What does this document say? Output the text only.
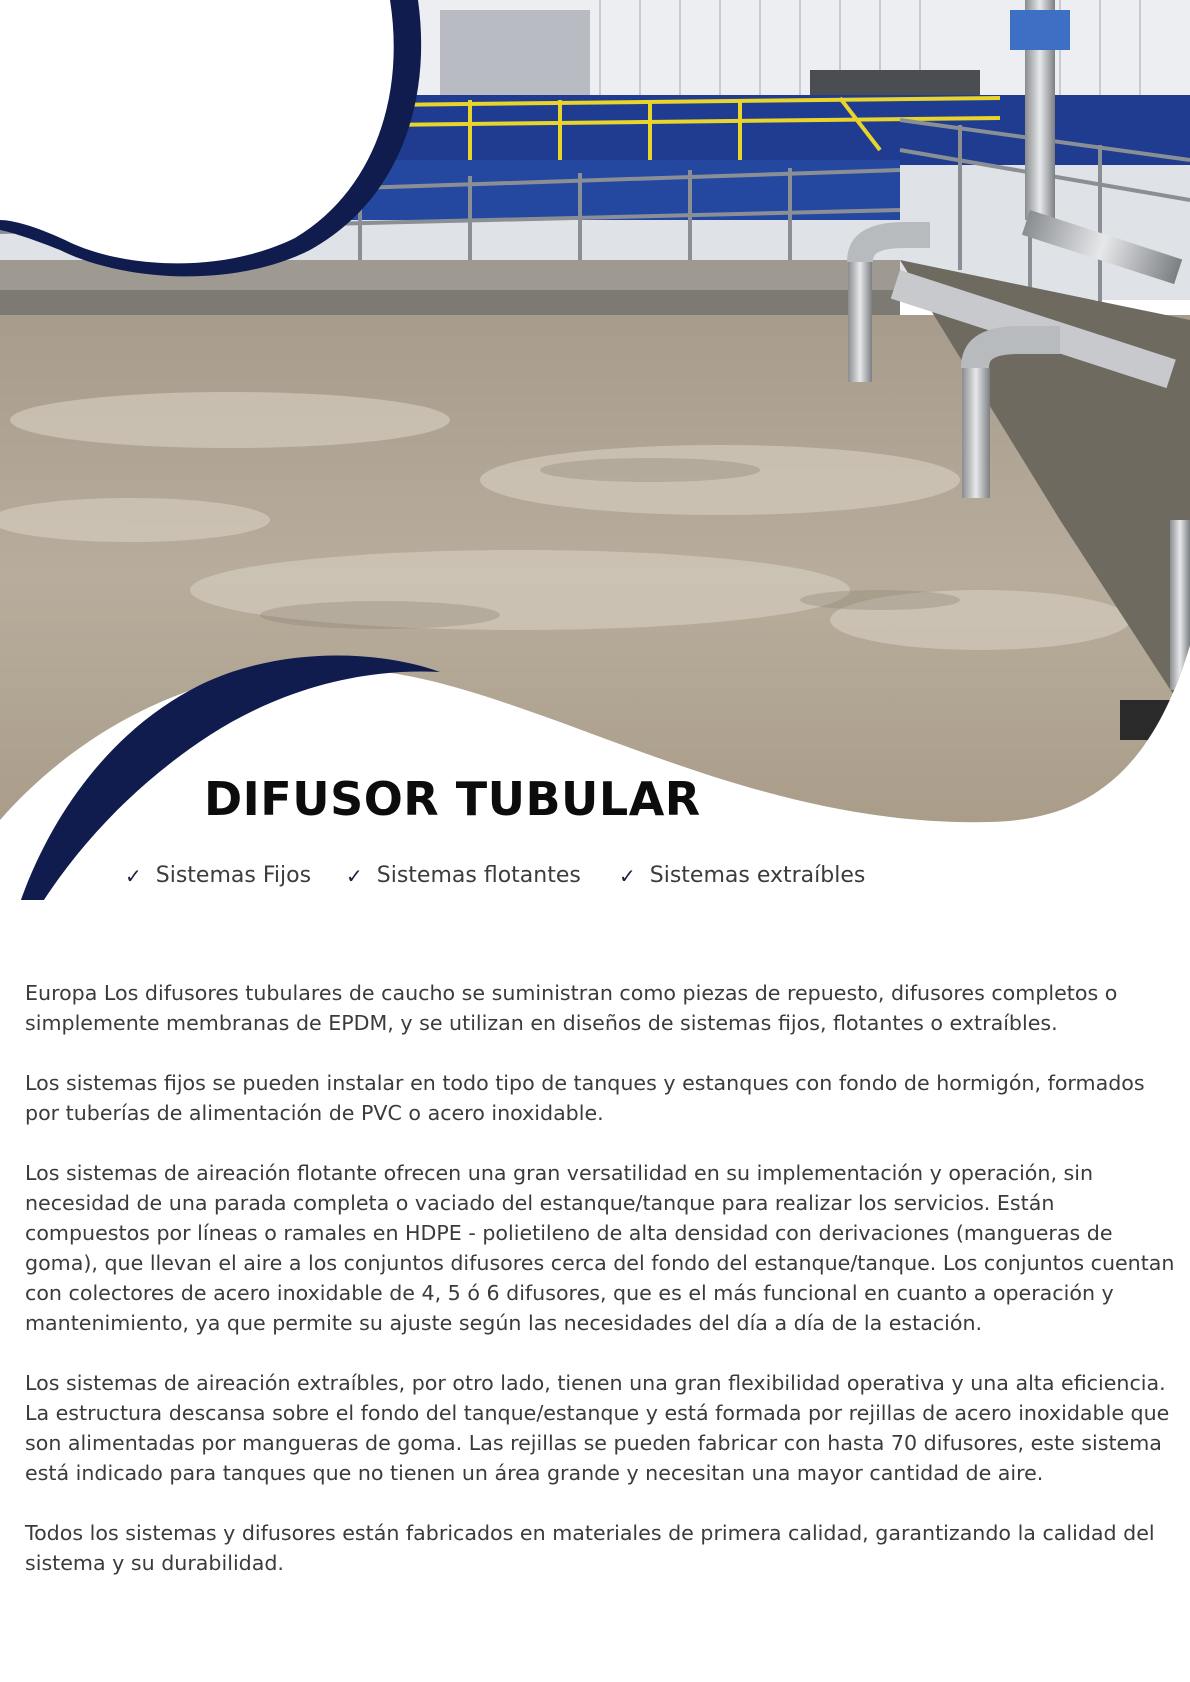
DIFUSOR TUBULAR
✓ Sistemas Fijos ✓ Sistemas flotantes ✓ Sistemas extraíbles

Europa Los difusores tubulares de caucho se suministran como piezas de repuesto, difusores completos o simplemente membranas de EPDM, y se utilizan en diseños de sistemas fijos, flotantes o extraíbles.

Los sistemas fijos se pueden instalar en todo tipo de tanques y estanques con fondo de hormigón, formados por tuberías de alimentación de PVC o acero inoxidable.

Los sistemas de aireación flotante ofrecen una gran versatilidad en su implementación y operación, sin necesidad de una parada completa o vaciado del estanque/tanque para realizar los servicios. Están compuestos por líneas o ramales en HDPE - polietileno de alta densidad con derivaciones (mangueras de goma), que llevan el aire a los conjuntos difusores cerca del fondo del estanque/tanque. Los conjuntos cuentan con colectores de acero inoxidable de 4, 5 ó 6 difusores, que es el más funcional en cuanto a operación y mantenimiento, ya que permite su ajuste según las necesidades del día a día de la estación.

Los sistemas de aireación extraíbles, por otro lado, tienen una gran flexibilidad operativa y una alta eficiencia. La estructura descansa sobre el fondo del tanque/estanque y está formada por rejillas de acero inoxidable que son alimentadas por mangueras de goma. Las rejillas se pueden fabricar con hasta 70 difusores, este sistema está indicado para tanques que no tienen un área grande y necesitan una mayor cantidad de aire.

Todos los sistemas y difusores están fabricados en materiales de primera calidad, garantizando la calidad del sistema y su durabilidad.
